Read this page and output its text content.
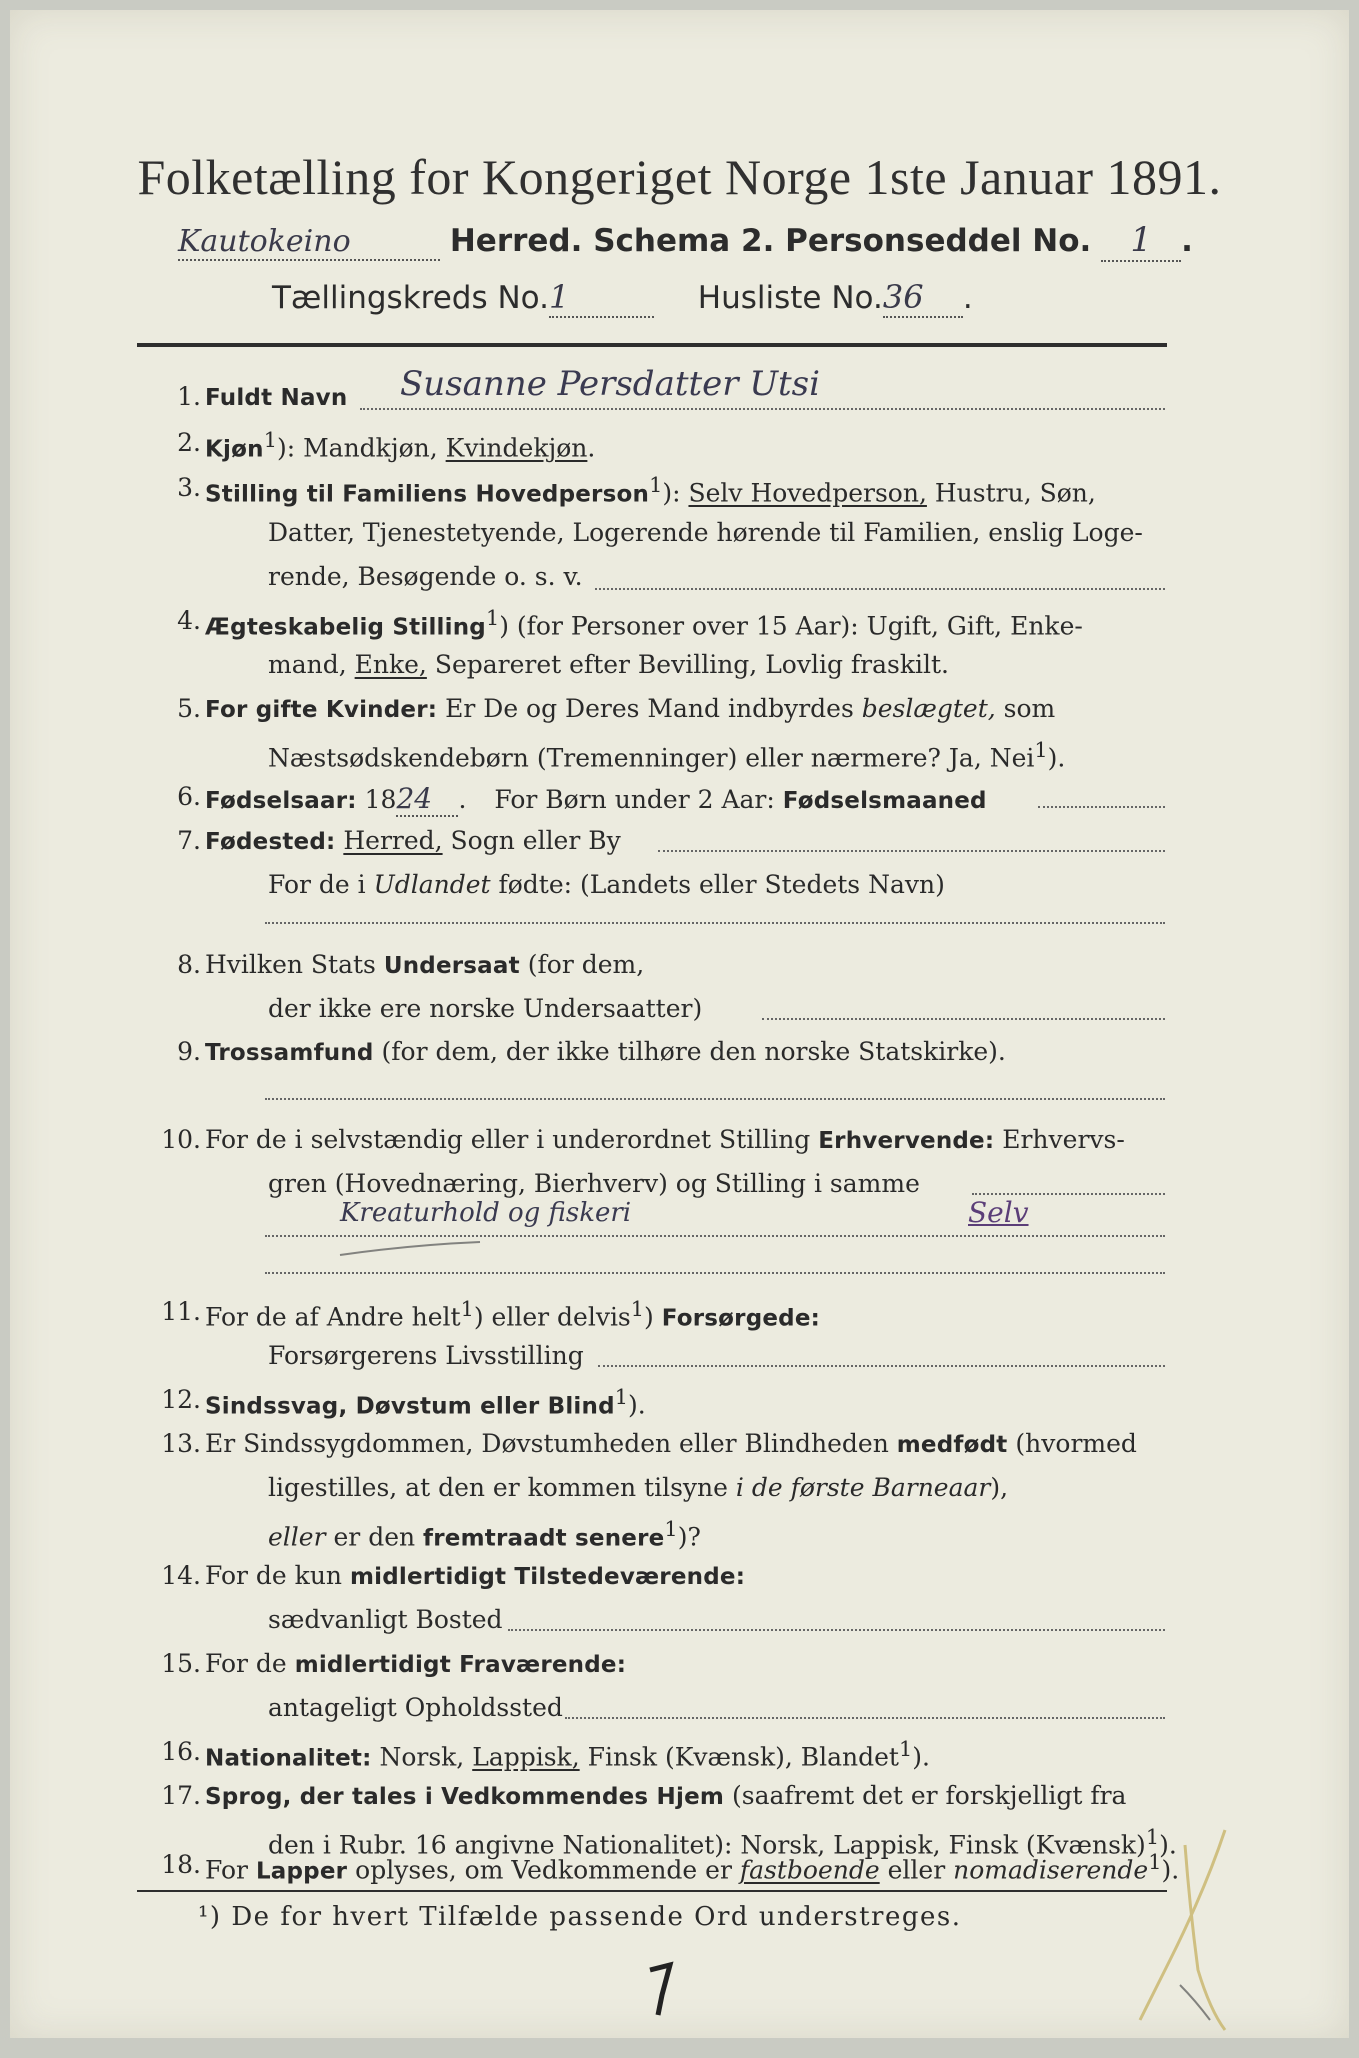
Folketælling for Kongeriget Norge 1ste Januar 1891.
Kautokeino	Herred. Schema 2. Personseddel No. 1 .
Tællingskreds No.1	Husliste No.36 .
1. Fuldt Navn Susanne Persdatter Utsi
2. Kjøn$^1$): Mandkjøn, Kvindekjøn.
3. Stilling til Familiens Hovedperson$^1$): Selv Hovedperson, Hustru, Søn,
Datter, Tjenestetyende, Logerende hørende til Familien, enslig Loge-
rende, Besøgende o. s. v.
4. Ægteskabelig Stilling$^1$) (for Personer over 15 Aar): Ugift, Gift, Enke-
mand, Enke, Separeret efter Bevilling, Lovlig fraskilt.
5. For gifte Kvinder: Er De og Deres Mand indbyrdes beslægtet, som
Næstsødskendebørn (Tremenninger) eller nærmere? Ja, Nei$^1$).
6. Fødselsaar: 1824 . For Børn under 2 Aar: Fødselsmaaned
7. Fødested: Herred, Sogn eller By
For de i Udlandet fødte: (Landets eller Stedets Navn)
8. Hvilken Stats Undersaat (for dem,
der ikke ere norske Undersaatter)
9. Trossamfund (for dem, der ikke tilhøre den norske Statskirke).
10. For de i selvstændig eller i underordnet Stilling Erhvervende: Erhvervs-
gren (Hovednæring, Bierhverv) og Stilling i samme
Kreaturhold og fiskeri	Selv
11. For de af Andre helt$^1$) eller delvis$^1$) Forsørgede:
Forsørgerens Livsstilling
12. Sindssvag, Døvstum eller Blind$^1$).
13. Er Sindssygdommen, Døvstumheden eller Blindheden medfødt (hvormed
ligestilles, at den er kommen tilsyne i de første Barneaar),
eller er den fremtraadt senere$^1$)?
14. For de kun midlertidigt Tilstedeværende:
sædvanligt Bosted
15. For de midlertidigt Fraværende:
antageligt Opholdssted
16. Nationalitet: Norsk, Lappisk, Finsk (Kvænsk), Blandet$^1$).
17. Sprog, der tales i Vedkommendes Hjem (saafremt det er forskjelligt fra
den i Rubr. 16 angivne Nationalitet): Norsk, Lappisk, Finsk (Kvænsk)$^1$).
18. For Lapper oplyses, om Vedkommende er fastboende eller nomadiserende$^1$).
¹) De for hvert Tilfælde passende Ord understreges.
